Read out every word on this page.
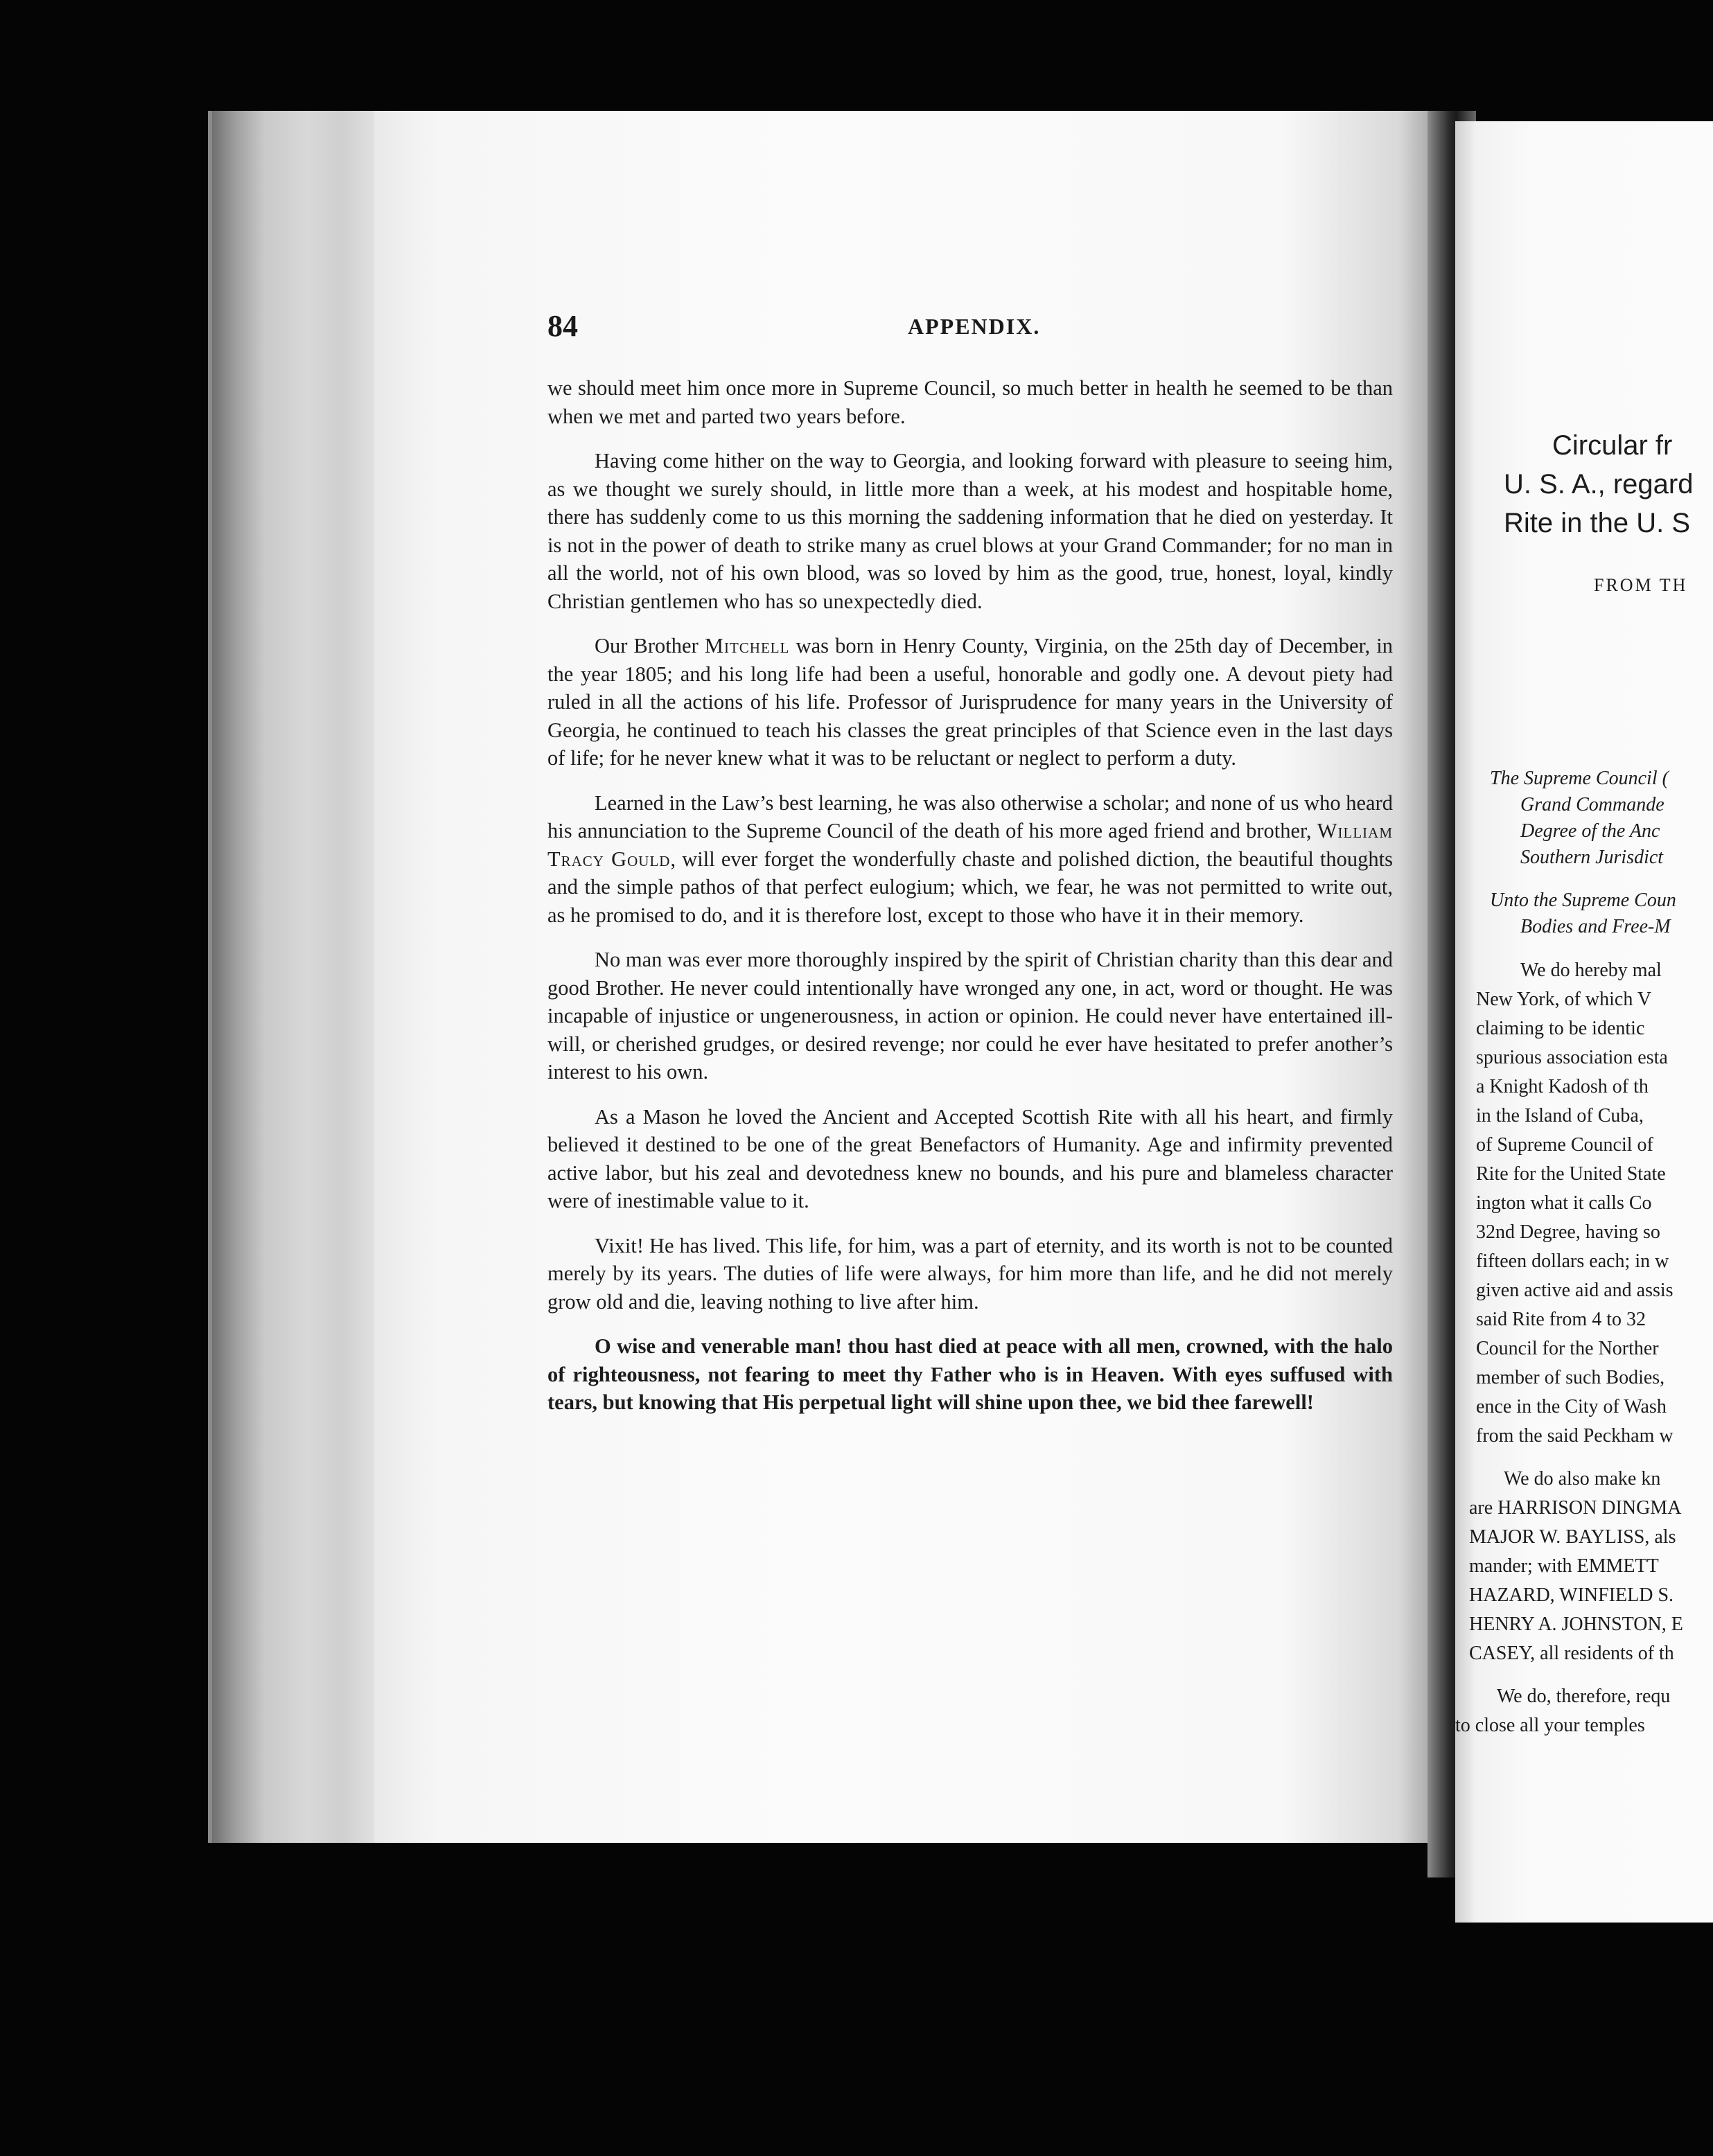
84	APPENDIX.

we should meet him once more in Supreme Council, so much better in health he seemed to be than when we met and parted two years before.

Having come hither on the way to Georgia, and looking forward with pleasure to seeing him, as we thought we surely should, in little more than a week, at his modest and hospitable home, there has suddenly come to us this morning the saddening information that he died on yesterday. It is not in the power of death to strike many as cruel blows at your Grand Commander; for no man in all the world, not of his own blood, was so loved by him as the good, true, honest, loyal, kindly Christian gentlemen who has so unexpectedly died.

Our Brother Mitchell was born in Henry County, Virginia, on the 25th day of December, in the year 1805; and his long life had been a useful, honorable and godly one. A devout piety had ruled in all the actions of his life. Professor of Jurisprudence for many years in the University of Georgia, he continued to teach his classes the great principles of that Science even in the last days of life; for he never knew what it was to be reluctant or neglect to perform a duty.

Learned in the Law’s best learning, he was also otherwise a scholar; and none of us who heard his annunciation to the Supreme Council of the death of his more aged friend and brother, William Tracy Gould, will ever forget the wonderfully chaste and polished diction, the beautiful thoughts and the simple pathos of that perfect eulogium; which, we fear, he was not permitted to write out, as he promised to do, and it is therefore lost, except to those who have it in their memory.

No man was ever more thoroughly inspired by the spirit of Christian charity than this dear and good Brother. He never could intentionally have wronged any one, in act, word or thought. He was incapable of injustice or ungenerousness, in action or opinion. He could never have entertained ill-will, or cherished grudges, or desired revenge; nor could he ever have hesitated to prefer another’s interest to his own.

As a Mason he loved the Ancient and Accepted Scottish Rite with all his heart, and firmly believed it destined to be one of the great Benefactors of Humanity. Age and infirmity prevented active labor, but his zeal and devotedness knew no bounds, and his pure and blameless character were of inestimable value to it.

Vixit! He has lived. This life, for him, was a part of eternity, and its worth is not to be counted merely by its years. The duties of life were always, for him more than life, and he did not merely grow old and die, leaving nothing to live after him.

O wise and venerable man! thou hast died at peace with all men, crowned, with the halo of righteousness, not fearing to meet thy Father who is in Heaven. With eyes suffused with tears, but knowing that His perpetual light will shine upon thee, we bid thee farewell!

Circular fr
U. S. A., regard
Rite in the U. S
FROM TH
The Supreme Council (
Grand Commande
Degree of the Anc
Southern Jurisdict
Unto the Supreme Coun
Bodies and Free-M
We do hereby mal
New York, of which V
claiming to be identic
spurious association esta
a Knight Kadosh of th
in the Island of Cuba,
of Supreme Council of
Rite for the United State
ington what it calls Co
32nd Degree, having so
fifteen dollars each; in w
given active aid and assis
said Rite from 4 to 32
Council for the Norther
member of such Bodies,
ence in the City of Wash
from the said Peckham w
We do also make kn
are HARRISON DINGMA
MAJOR W. BAYLISS, als
mander; with EMMETT
HAZARD, WINFIELD S.
HENRY A. JOHNSTON, E
CASEY, all residents of th
We do, therefore, requ
to close all your temples
